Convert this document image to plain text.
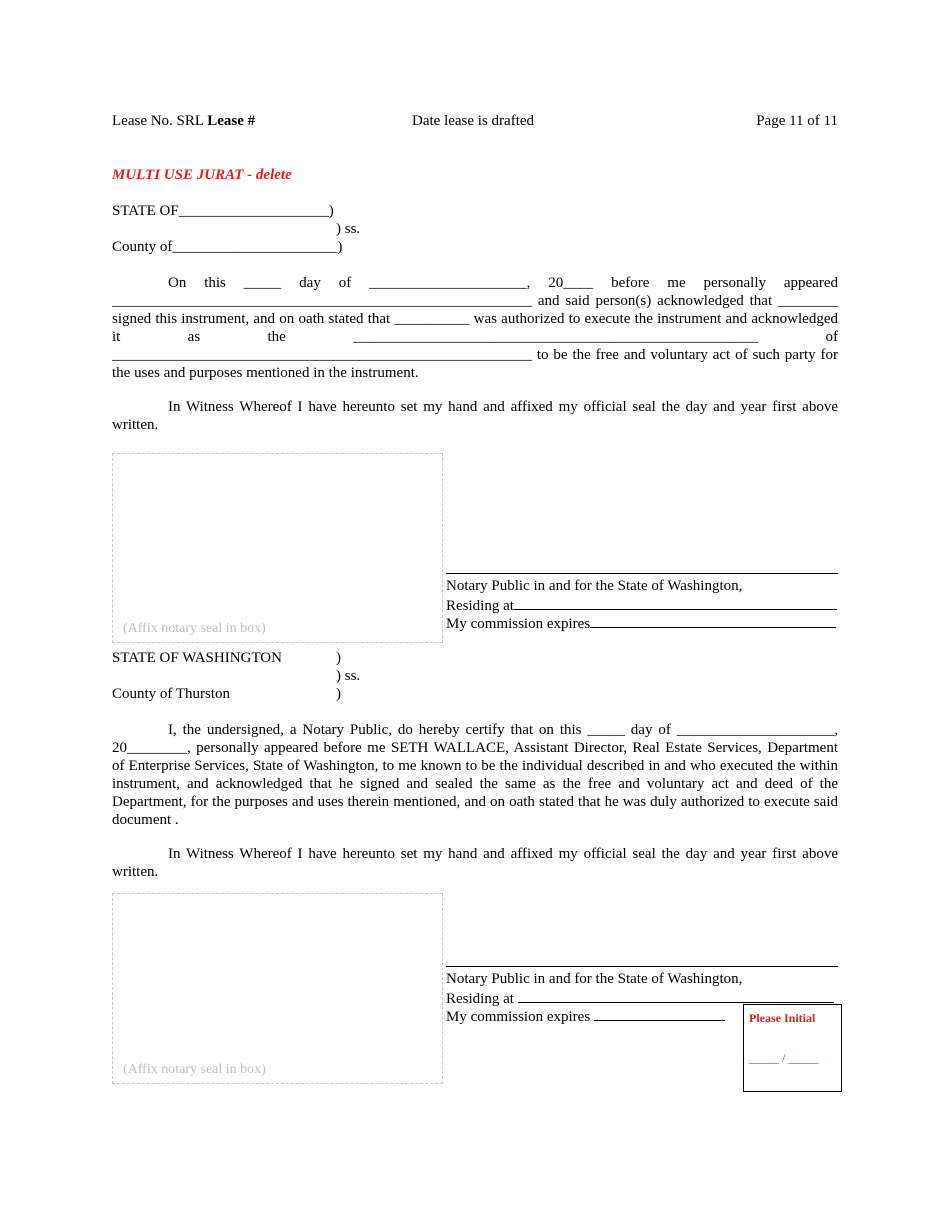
Lease No. SRL Lease #	Date lease is drafted	Page 11 of 11
MULTI USE JURAT - delete
STATE OF____________________)
) ss.
County of______________________)
On this _____ day of _____________________, 20____ before me personally appeared
________________________________________________________ and said person(s) acknowledged that ________
signed this instrument, and on oath stated that __________ was authorized to execute the instrument and acknowledged
it as the ______________________________________________________ of
________________________________________________________ to be the free and voluntary act of such party for
the uses and purposes mentioned in the instrument.
In Witness Whereof I have hereunto set my hand and affixed my official seal the day and year first above
written.
(Affix notary seal in box)
Notary Public in and for the State of Washington,
Residing at
My commission expires
STATE OF WASHINGTON	)
) ss.
County of Thurston	)
I, the undersigned, a Notary Public, do hereby certify that on this _____ day of _____________________,
20________, personally appeared before me SETH WALLACE, Assistant Director, Real Estate Services, Department
of Enterprise Services, State of Washington, to me known to be the individual described in and who executed the within
instrument, and acknowledged that he signed and sealed the same as the free and voluntary act and deed of the
Department, for the purposes and uses therein mentioned, and on oath stated that he was duly authorized to execute said
document .
In Witness Whereof I have hereunto set my hand and affixed my official seal the day and year first above
written.
(Affix notary seal in box)
Notary Public in and for the State of Washington,
Residing at
My commission expires	Please Initial
_____ / _____
